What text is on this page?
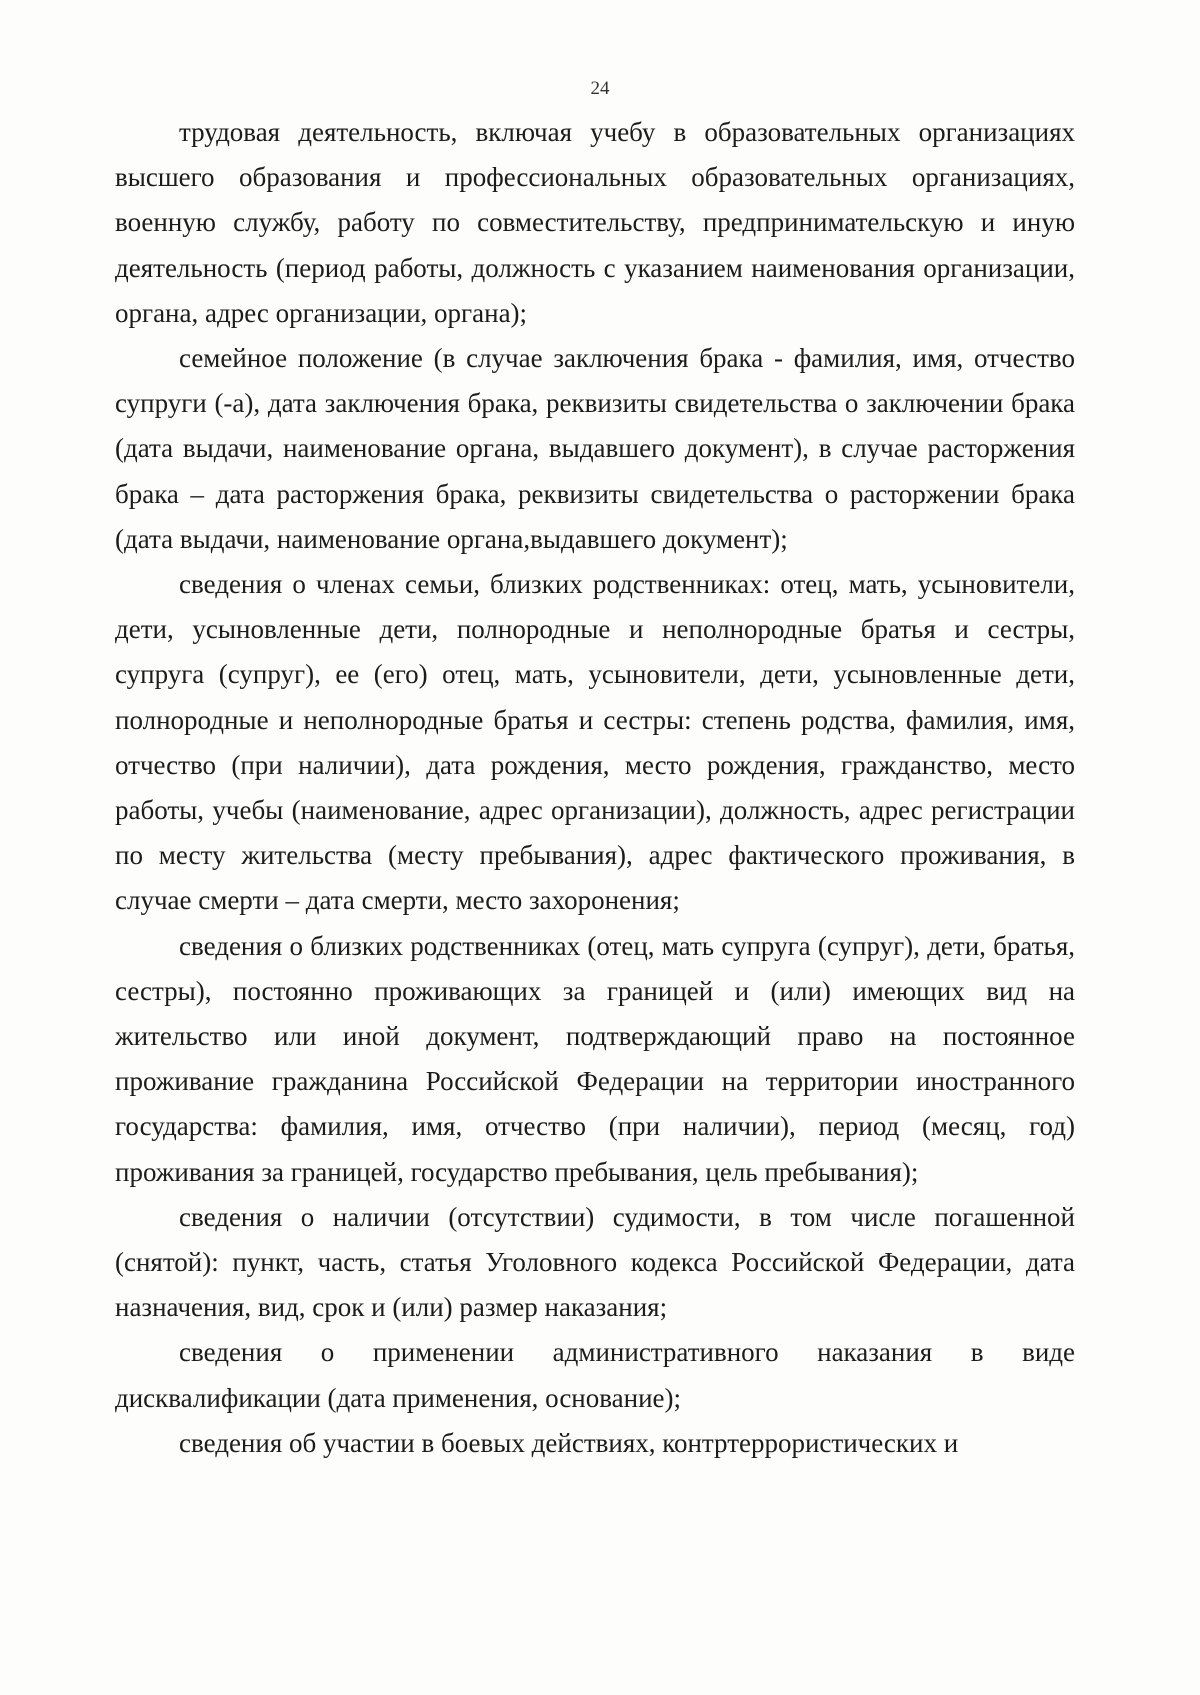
24

трудовая деятельность, включая учебу в образовательных организациях высшего образования и профессиональных образовательных организациях, военную службу, работу по совместительству, предпринимательскую и иную деятельность (период работы, должность с указанием наименования организации, органа, адрес организации, органа);

семейное положение (в случае заключения брака - фамилия, имя, отчество супруги (-а), дата заключения брака, реквизиты свидетельства о заключении брака (дата выдачи, наименование органа, выдавшего документ), в случае расторжения брака – дата расторжения брака, реквизиты свидетельства о расторжении брака (дата выдачи, наименование органа,выдавшего документ);

сведения о членах семьи, близких родственниках: отец, мать, усыновители, дети, усыновленные дети, полнородные и неполнородные братья и сестры, супруга (супруг), ее (его) отец, мать, усыновители, дети, усыновленные дети, полнородные и неполнородные братья и сестры: степень родства, фамилия, имя, отчество (при наличии), дата рождения, место рождения, гражданство, место работы, учебы (наименование, адрес организации), должность, адрес регистрации по месту жительства (месту пребывания), адрес фактического проживания, в случае смерти – дата смерти, место захоронения;

сведения о близких родственниках (отец, мать супруга (супруг), дети, братья, сестры), постоянно проживающих за границей и (или) имеющих вид на жительство или иной документ, подтверждающий право на постоянное проживание гражданина Российской Федерации на территории иностранного государства: фамилия, имя, отчество (при наличии), период (месяц, год) проживания за границей, государство пребывания, цель пребывания);

сведения о наличии (отсутствии) судимости, в том числе погашенной (снятой): пункт, часть, статья Уголовного кодекса Российской Федерации, дата назначения, вид, срок и (или) размер наказания;

сведения о применении административного наказания в виде дисквалификации (дата применения, основание);

сведения об участии в боевых действиях, контртеррористических и
